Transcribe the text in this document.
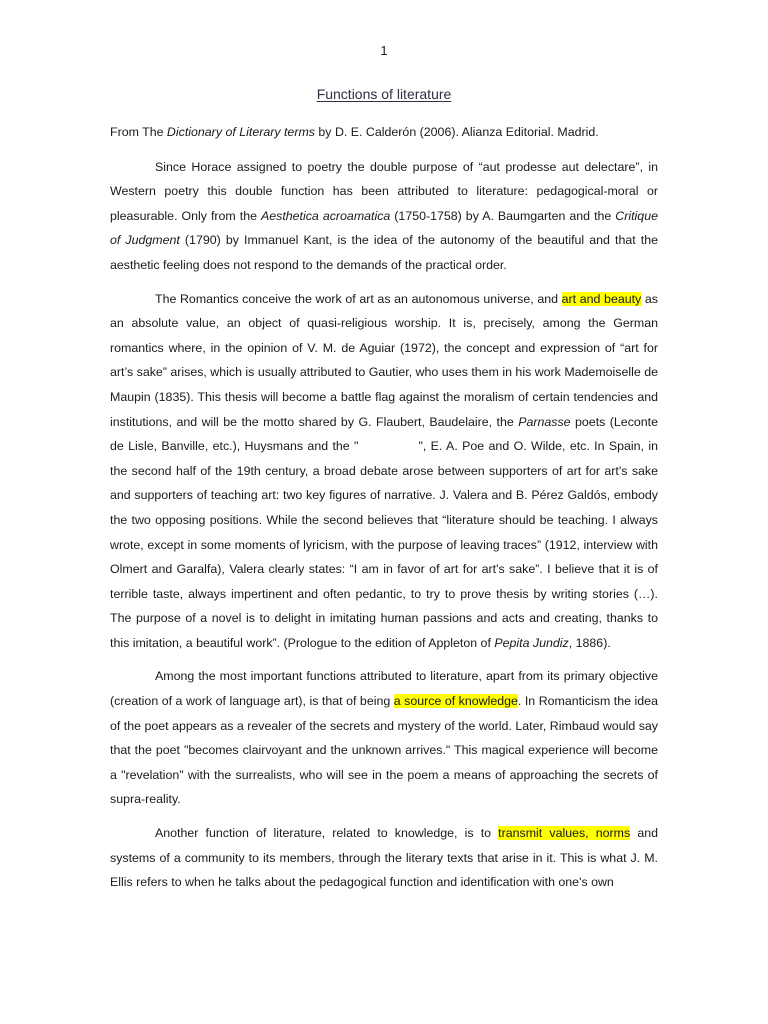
1
Functions of literature

From The Dictionary of Literary terms by D. E. Calderón (2006). Alianza Editorial. Madrid.

Since Horace assigned to poetry the double purpose of “aut prodesse aut delectare”, in Western poetry this double function has been attributed to literature: pedagogical-moral or pleasurable. Only from the Aesthetica acroamatica (1750-1758) by A. Baumgarten and the Critique of Judgment (1790) by Immanuel Kant, is the idea of the autonomy of the beautiful and that the aesthetic feeling does not respond to the demands of the practical order.

The Romantics conceive the work of art as an autonomous universe, and art and beauty as an absolute value, an object of quasi-religious worship. It is, precisely, among the German romantics where, in the opinion of V. M. de Aguiar (1972), the concept and expression of “art for art’s sake” arises, which is usually attributed to Gautier, who uses them in his work Mademoiselle de Maupin (1835). This thesis will become a battle flag against the moralism of certain tendencies and institutions, and will be the motto shared by G. Flaubert, Baudelaire, the Parnasse poets (Leconte de Lisle, Banville, etc.), Huysmans and the "	", E. A. Poe and O. Wilde, etc. In Spain, in the second half of the 19th century, a broad debate arose between supporters of art for art's sake and supporters of teaching art: two key figures of narrative. J. Valera and B. Pérez Galdós, embody the two opposing positions. While the second believes that “literature should be teaching. I always wrote, except in some moments of lyricism, with the purpose of leaving traces” (1912, interview with Olmert and Garalfa), Valera clearly states: “I am in favor of art for art's sake”. I believe that it is of terrible taste, always impertinent and often pedantic, to try to prove thesis by writing stories (…). The purpose of a novel is to delight in imitating human passions and acts and creating, thanks to this imitation, a beautiful work”. (Prologue to the edition of Appleton of Pepita Jundiz, 1886).

Among the most important functions attributed to literature, apart from its primary objective (creation of a work of language art), is that of being a source of knowledge. In Romanticism the idea of the poet appears as a revealer of the secrets and mystery of the world. Later, Rimbaud would say that the poet "becomes clairvoyant and the unknown arrives." This magical experience will become a "revelation" with the surrealists, who will see in the poem a means of approaching the secrets of supra-reality.

Another function of literature, related to knowledge, is to transmit values, norms and systems of a community to its members, through the literary texts that arise in it. This is what J. M. Ellis refers to when he talks about the pedagogical function and identification with one's own
